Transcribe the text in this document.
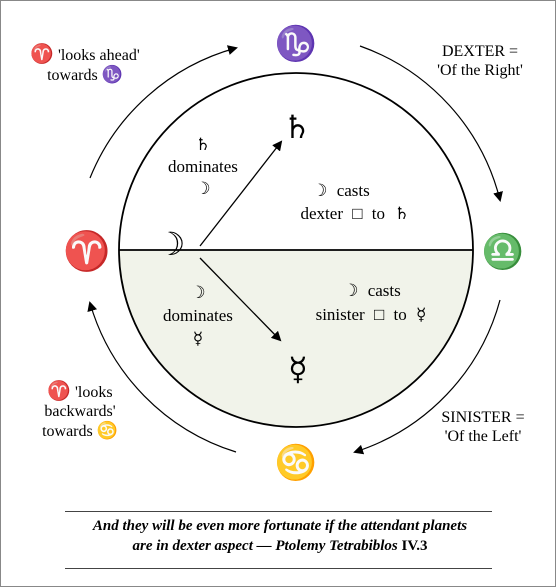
♑
♈	♎
♋
♄
☽
☿
♄
dominates
☽	☽ casts
dexter □ to ♄
☽
dominates
☿
☽ casts
sinister □ to ☿
♈ 'looks ahead'
towards ♑
DEXTER =
'Of the Right'
♈ 'looks
backwards'
towards ♋
SINISTER =
'Of the Left'
And they will be even more fortunate if the attendant planets
are in dexter aspect — Ptolemy Tetrabiblos IV.3
